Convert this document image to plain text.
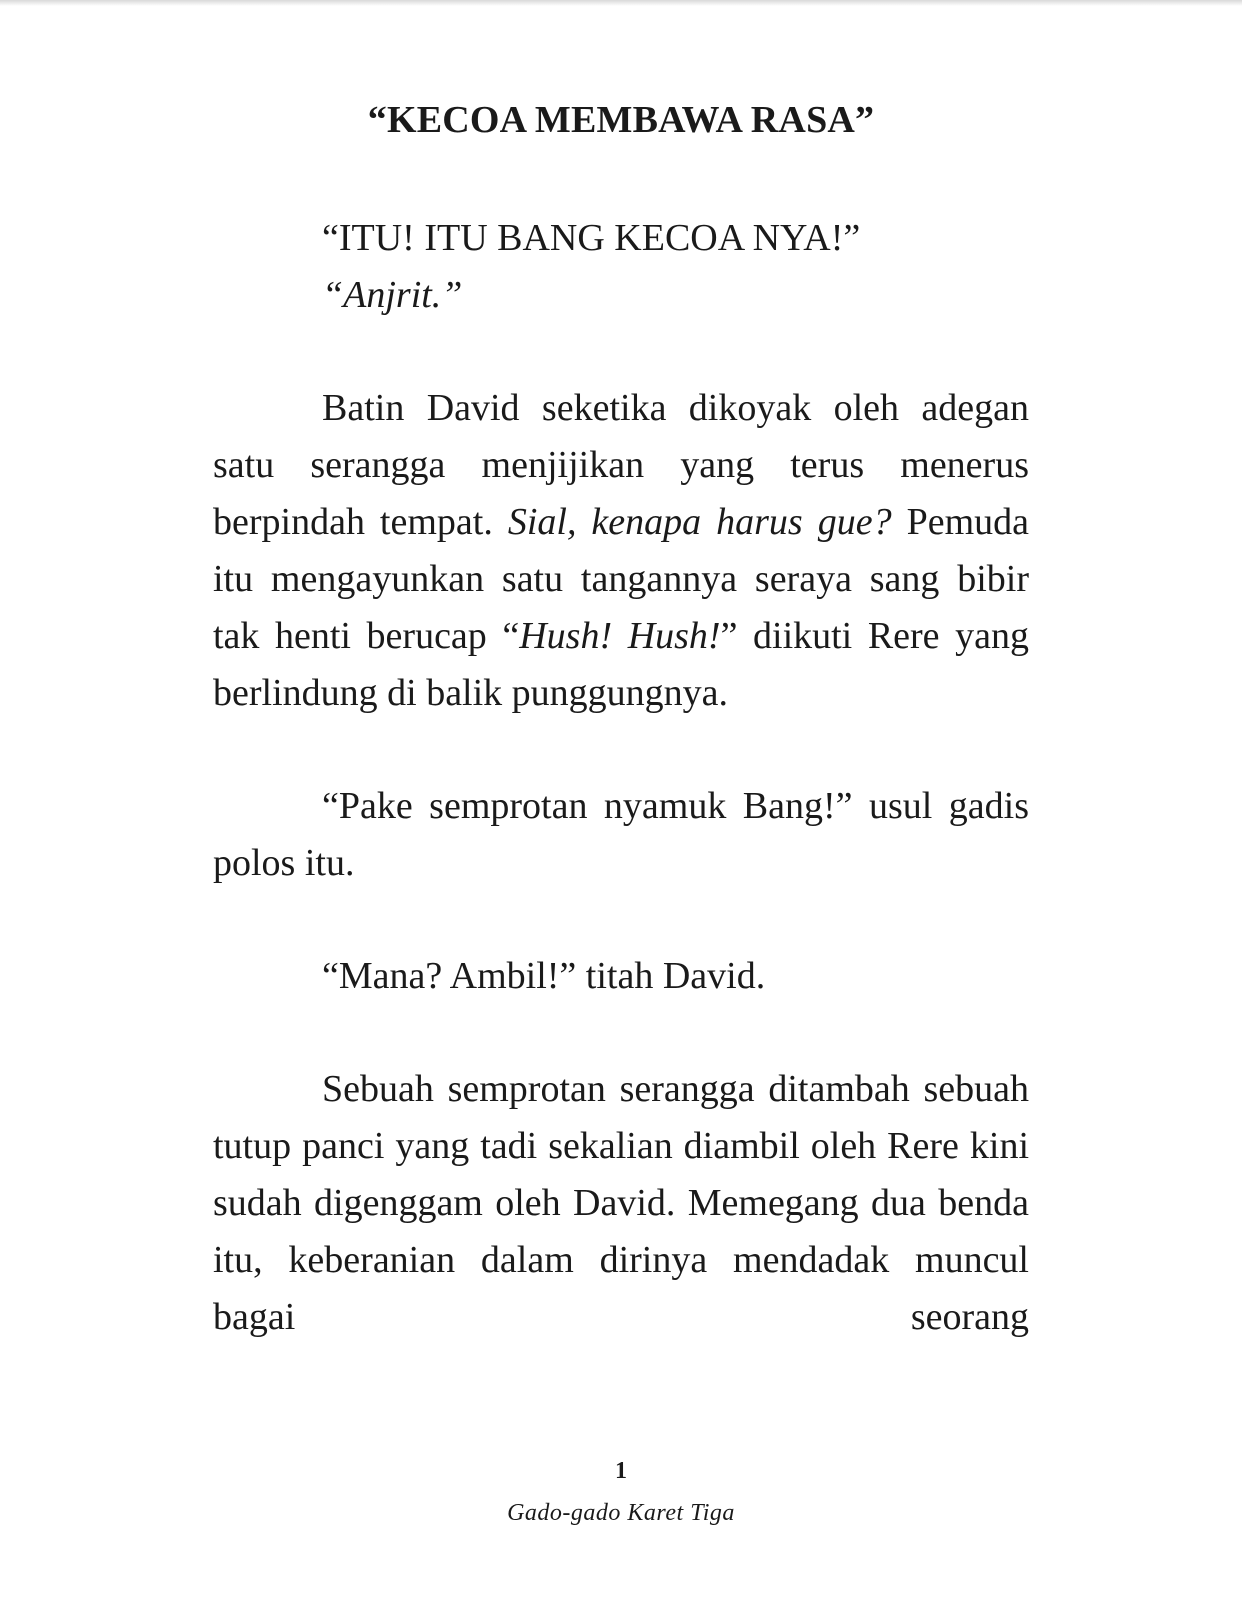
“KECOA MEMBAWA RASA”
“ITU! ITU BANG KECOA NYA!”
“Anjrit.”

Batin David seketika dikoyak oleh adegan satu serangga menjijikan yang terus menerus berpindah tempat. Sial, kenapa harus gue? Pemuda itu mengayunkan satu tangannya seraya sang bibir tak henti berucap “Hush! Hush!” diikuti Rere yang berlindung di balik punggungnya.

“Pake semprotan nyamuk Bang!” usul gadis polos itu.

“Mana? Ambil!” titah David.

Sebuah semprotan serangga ditambah sebuah tutup panci yang tadi sekalian diambil oleh Rere kini sudah digenggam oleh David. Memegang dua benda itu, keberanian dalam dirinya mendadak muncul bagai seorang

1
Gado-gado Karet Tiga
